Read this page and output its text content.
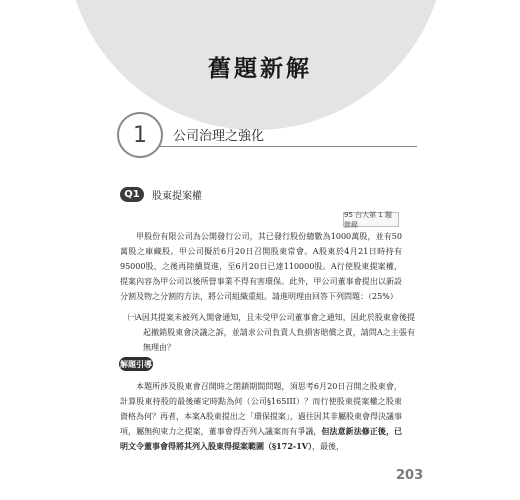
舊題新解
1	公司治理之強化
Q1	股東提案權
95 台大第 1 題節錄

甲股份有限公司為公開發行公司，其已發行股份總數為1000萬股，並有50萬股之庫藏股。甲公司擬於6月20日召開股東常會。A股東於4月21日時持有95000股，之後再陸續買進，至6月20日已達110000股。A行使股東提案權，提案內容為甲公司以後所營事業不得有害環保。此外，甲公司董事會提出以新設分割及物之分割的方法，將公司組織重組。請進明理由回答下列問題：（25%）

㈠A因其提案未被列入開會通知，且未受甲公司董事會之通知，因此於股東會後提起撤銷股東會決議之訴，並請求公司負責人負損害賠償之責，請問A之主張有無理由？

解題引導

本題所涉及股東會召開時之閉鎖期間問題，須思考6月20日召開之股東會，計算股東持股的最後確定時點為何（公司§165III）？而行使股東提案權之股東資格為何？再者，本案A股東提出之「環保提案」，過往因其非屬股東會得決議事項，屬無拘束力之提案，董事會得否列入議案而有爭議，但法意新法修正後，已明文令董事會得將其列入股東得提案範圍（§172-1V），最後，

203
